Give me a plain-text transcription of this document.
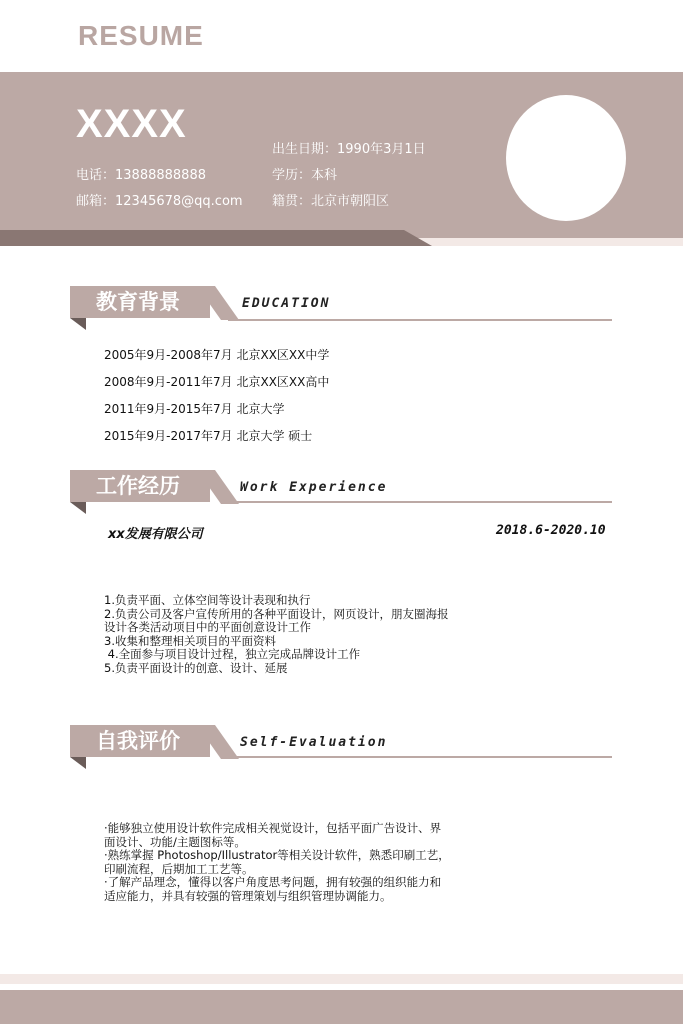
RESUME
XXXX
电话：13888888888
邮箱：12345678@qq.com
出生日期：1990年3月1日
学历：本科
籍贯：北京市朝阳区
教育背景	EDUCATION
2005年9月-2008年7月 北京XX区XX中学
2008年9月-2011年7月 北京XX区XX高中
2011年9月-2015年7月 北京大学
2015年9月-2017年7月 北京大学 硕士
工作经历	Work Experience
xx发展有限公司	2018.6-2020.10
1.负责平面、立体空间等设计表现和执行
2.负责公司及客户宣传所用的各种平面设计，网页设计，朋友圈海报
设计各类活动项目中的平面创意设计工作
3.收集和整理相关项目的平面资料
4.全面参与项目设计过程，独立完成品牌设计工作
5.负责平面设计的创意、设计、延展
自我评价	Self-Evaluation
·能够独立使用设计软件完成相关视觉设计，包括平面广告设计、界
面设计、功能/主题图标等。
·熟练掌握 Photoshop/Illustrator等相关设计软件，熟悉印刷工艺，
印刷流程，后期加工工艺等。
·了解产品理念，懂得以客户角度思考问题，拥有较强的组织能力和
适应能力，并具有较强的管理策划与组织管理协调能力。
